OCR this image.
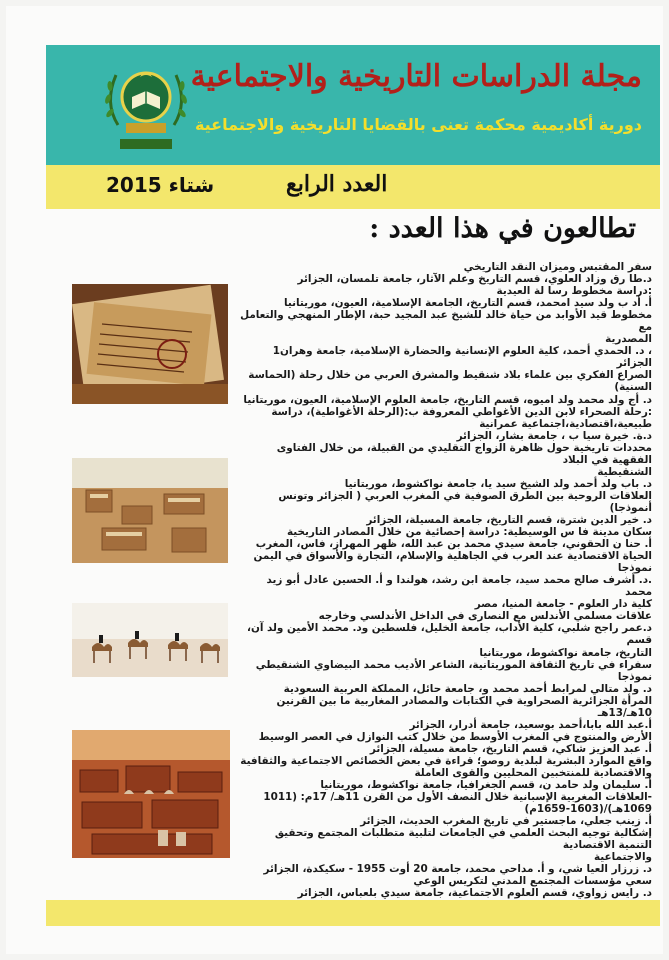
مجلة الدراسات التاريخية والاجتماعية
دورية أكاديمية محكمة تعنى بالقضايا التاريخية والاجتماعية
شتاء 2015	العدد الرابع
تطالعون في هذا العدد :
سفر المقتبس وميزان النقد التاريخي
د.طا رق وزاد العلوي، قسم التاريخ وعلم الآثار، جامعة تلمسان، الجزائر
:دراسة مخطوط رسا لة العيدية
أ. أد ب ولد سيد امحمد، قسم التاريخ، الجامعة الإسلامية، العيون، موريتانيا
مخطوط قيد الأوابد من حياة خالد للشيخ عبد المجيد حبة، الإطار المنهجي والتعامل مع
المصدرية
، د. الحمدي أحمد، كلية العلوم الإنسانية والحضارة الإسلامية، جامعة وهران1
الجزائر
الصراع الفكري بين علماء بلاد شنقيط والمشرق العربي من خلال رحلة (الحماسة السنية)
د. أج ولد محمد ولد اميوه، قسم التاريخ، جامعة العلوم الإسلامية، العيون، موريتانيا
:رحلة الصحراء لابن الدين الأغواطي المعروفة ب:(الرحلة الأغواطية)، دراسة
طبيعية،اقتصادية،اجتماعية عمرانية
د.ة. خيرة سيا ب ، جامعة بشار، الجزائر
محددات تاريخية حول ظاهرة الزواج التقليدي من القبيلة، من خلال الفتاوى الفقهية في البلاد
الشنقيطية
د. باب ولد أحمد ولد الشيخ سيد يا، جامعة نواكشوط، موريتانيا
العلاقات الروحية بين الطرق الصوفية في المغرب العربي ( الجزائر وتونس أنموذجا)
د. خير الدين شترة، قسم التاريخ، جامعة المسيلة، الجزائر
سكان مدينة فا س الوسيطية: دراسة إحصائية من خلال المصادر التاريخية
أ. حنا ن الحقوني، جامعة سيدي محمد بن عبد الله، ظهر المهراز، فاس، المغرب
الحياة الاقتصادية عند العرب في الجاهلية والإسلام، التجارة والأسواق في اليمن نموذجا
.د. أشرف صالح محمد سيد، جامعة ابن رشد، هولندا و أ. الحسين عادل أبو زيد محمد
كلية دار العلوم - جامعة المنيا، مصر
علاقات مسلمي الأندلس مع النصارى في الداخل الأندلسي وخارجه
د.عمر راجح شلبي، كلية الأداب، جامعة الخليل، فلسطين ود. محمد الأمين ولد آن، قسم
التاريخ، جامعة نواكشوط، موريتانيا
سفراء في تاريخ الثقافة الموريتانية، الشاعر الأديب محمد البيضاوي الشنقيطي نموذجا
د. ولد متالي لمرابط أحمد محمد و، جامعة حائل، المملكة العربية السعودية
المرأة الجزائرية الصحراوية في الكتابات والمصادر المغاربية ما بين القرنين 10هـ/13هـ
أ.عبد الله بابا،أحمد بوسعيد، جامعة أدرار، الجزائر
الأرض والمنتوج في المغرب الأوسط من خلال كتب النوازل في العصر الوسيط
أ. عبد العزيز شاكي، قسم التاريخ، جامعة مسيلة، الجزائر
واقع الموارد البشرية لبلدية روصو؛ قراءة في بعض الخصائص الاجتماعية والثقافية
والاقتصادية للمنتخبين المحليين والقوى العاملة
أ. سليمان ولد حامد ن، قسم الجغرافيا، جامعة نواكشوط، موريتانيا
-العلاقات المغربية الإسبانية خلال النصف الأول من القرن 11هـ/ 17م: (1011
1069هـ)/(1603-1659م)
أ. زينب جعلي، ماجستير في تاريخ المغرب الحديث، الجزائر
إشكالية توجيه البحث العلمي في الجامعات لتلبية متطلبات المجتمع وتحقيق التنمية الاقتصادية
والاجتماعية
د. زرزار العيا شي، و أ. مداحي محمد، جامعة 20 أوت 1955 - سكيكدة، الجزائر
سعي مؤسسات المجتمع المدني لتكريس الوعي
د. رايس زواوي، قسم العلوم الاجتماعية، جامعة سيدي بلعباس، الجزائر
